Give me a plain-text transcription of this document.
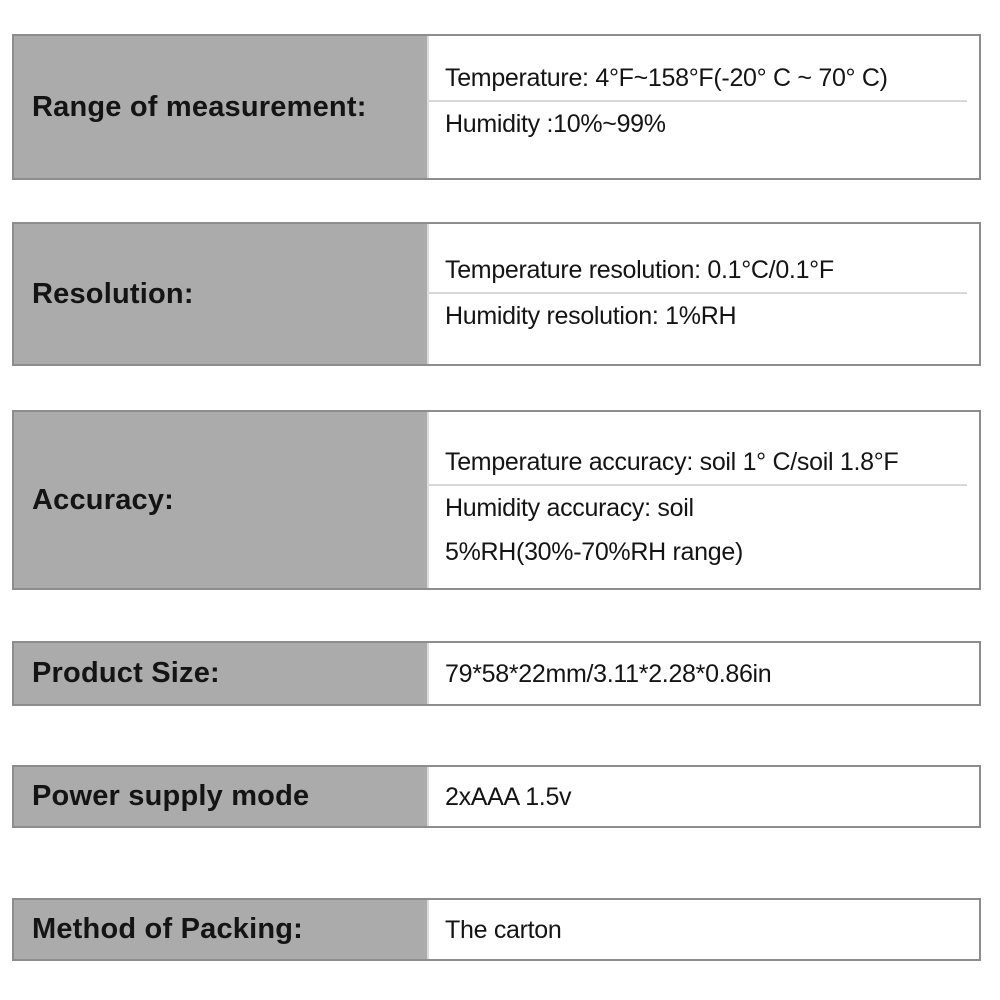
Range of measurement:
Temperature: 4°F~158°F(-20° C ~ 70° C)
Humidity :10%~99%
Resolution:
Temperature resolution: 0.1°C/0.1°F
Humidity resolution: 1%RH
Accuracy:
Temperature accuracy: soil 1° C/soil 1.8°F
Humidity accuracy: soil
5%RH(30%-70%RH range)
Product Size:	79*58*22mm/3.11*2.28*0.86in
Power supply mode	2xAAA 1.5v
Method of Packing:	The carton
